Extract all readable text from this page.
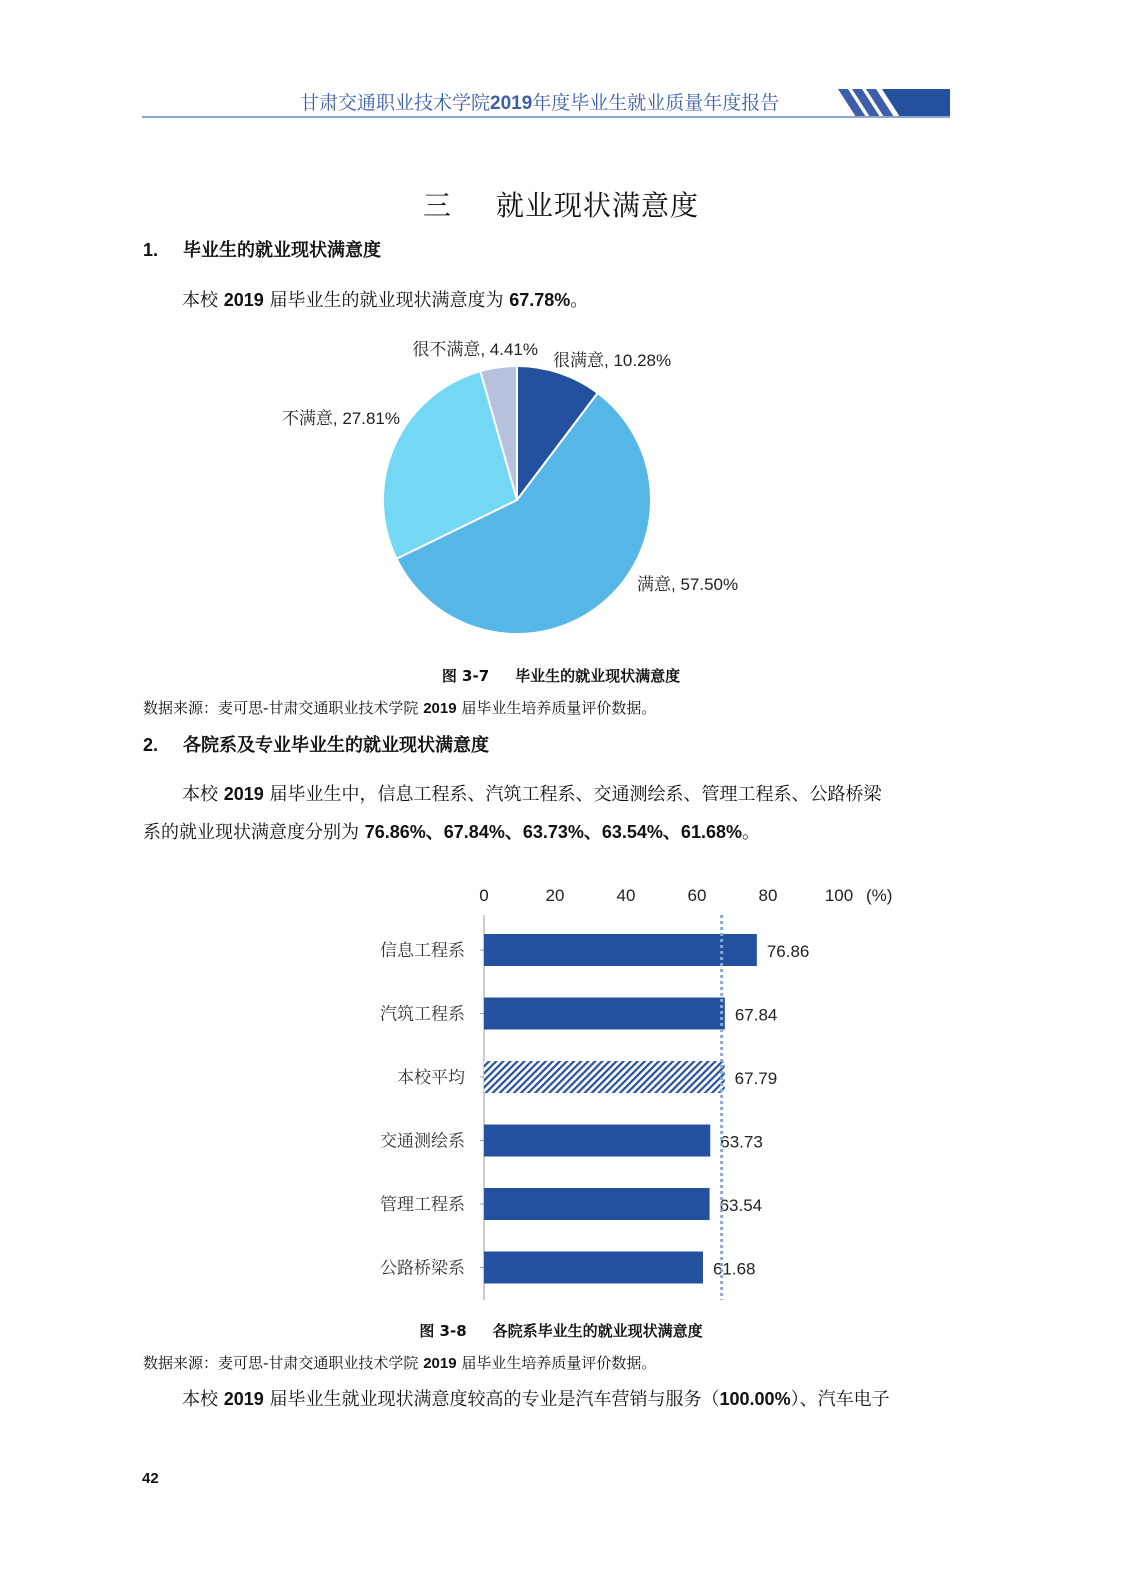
甘肃交通职业技术学院2019年度毕业生就业质量年度报告
三 就业现状满意度
1. 毕业生的就业现状满意度
本校 2019 届毕业生的就业现状满意度为 67.78%。
很满意, 10.28%
满意, 57.50%
不满意, 27.81%
很不满意, 4.41%
图 3-7 毕业生的就业现状满意度
数据来源：麦可思-甘肃交通职业技术学院 2019 届毕业生培养质量评价数据。
2. 各院系及专业毕业生的就业现状满意度
本校 2019 届毕业生中，信息工程系、汽筑工程系、交通测绘系、管理工程系、公路桥梁
系的就业现状满意度分别为 76.86%、67.84%、63.73%、63.54%、61.68%。
0	20	40	60	80	100 (%)
信息工程系	76.86
汽筑工程系	67.84
本校平均	67.79
交通测绘系	63.73
管理工程系	63.54
公路桥梁系	61.68
图 3-8 各院系毕业生的就业现状满意度
数据来源：麦可思-甘肃交通职业技术学院 2019 届毕业生培养质量评价数据。
本校 2019 届毕业生就业现状满意度较高的专业是汽车营销与服务（100.00%）、汽车电子
42
